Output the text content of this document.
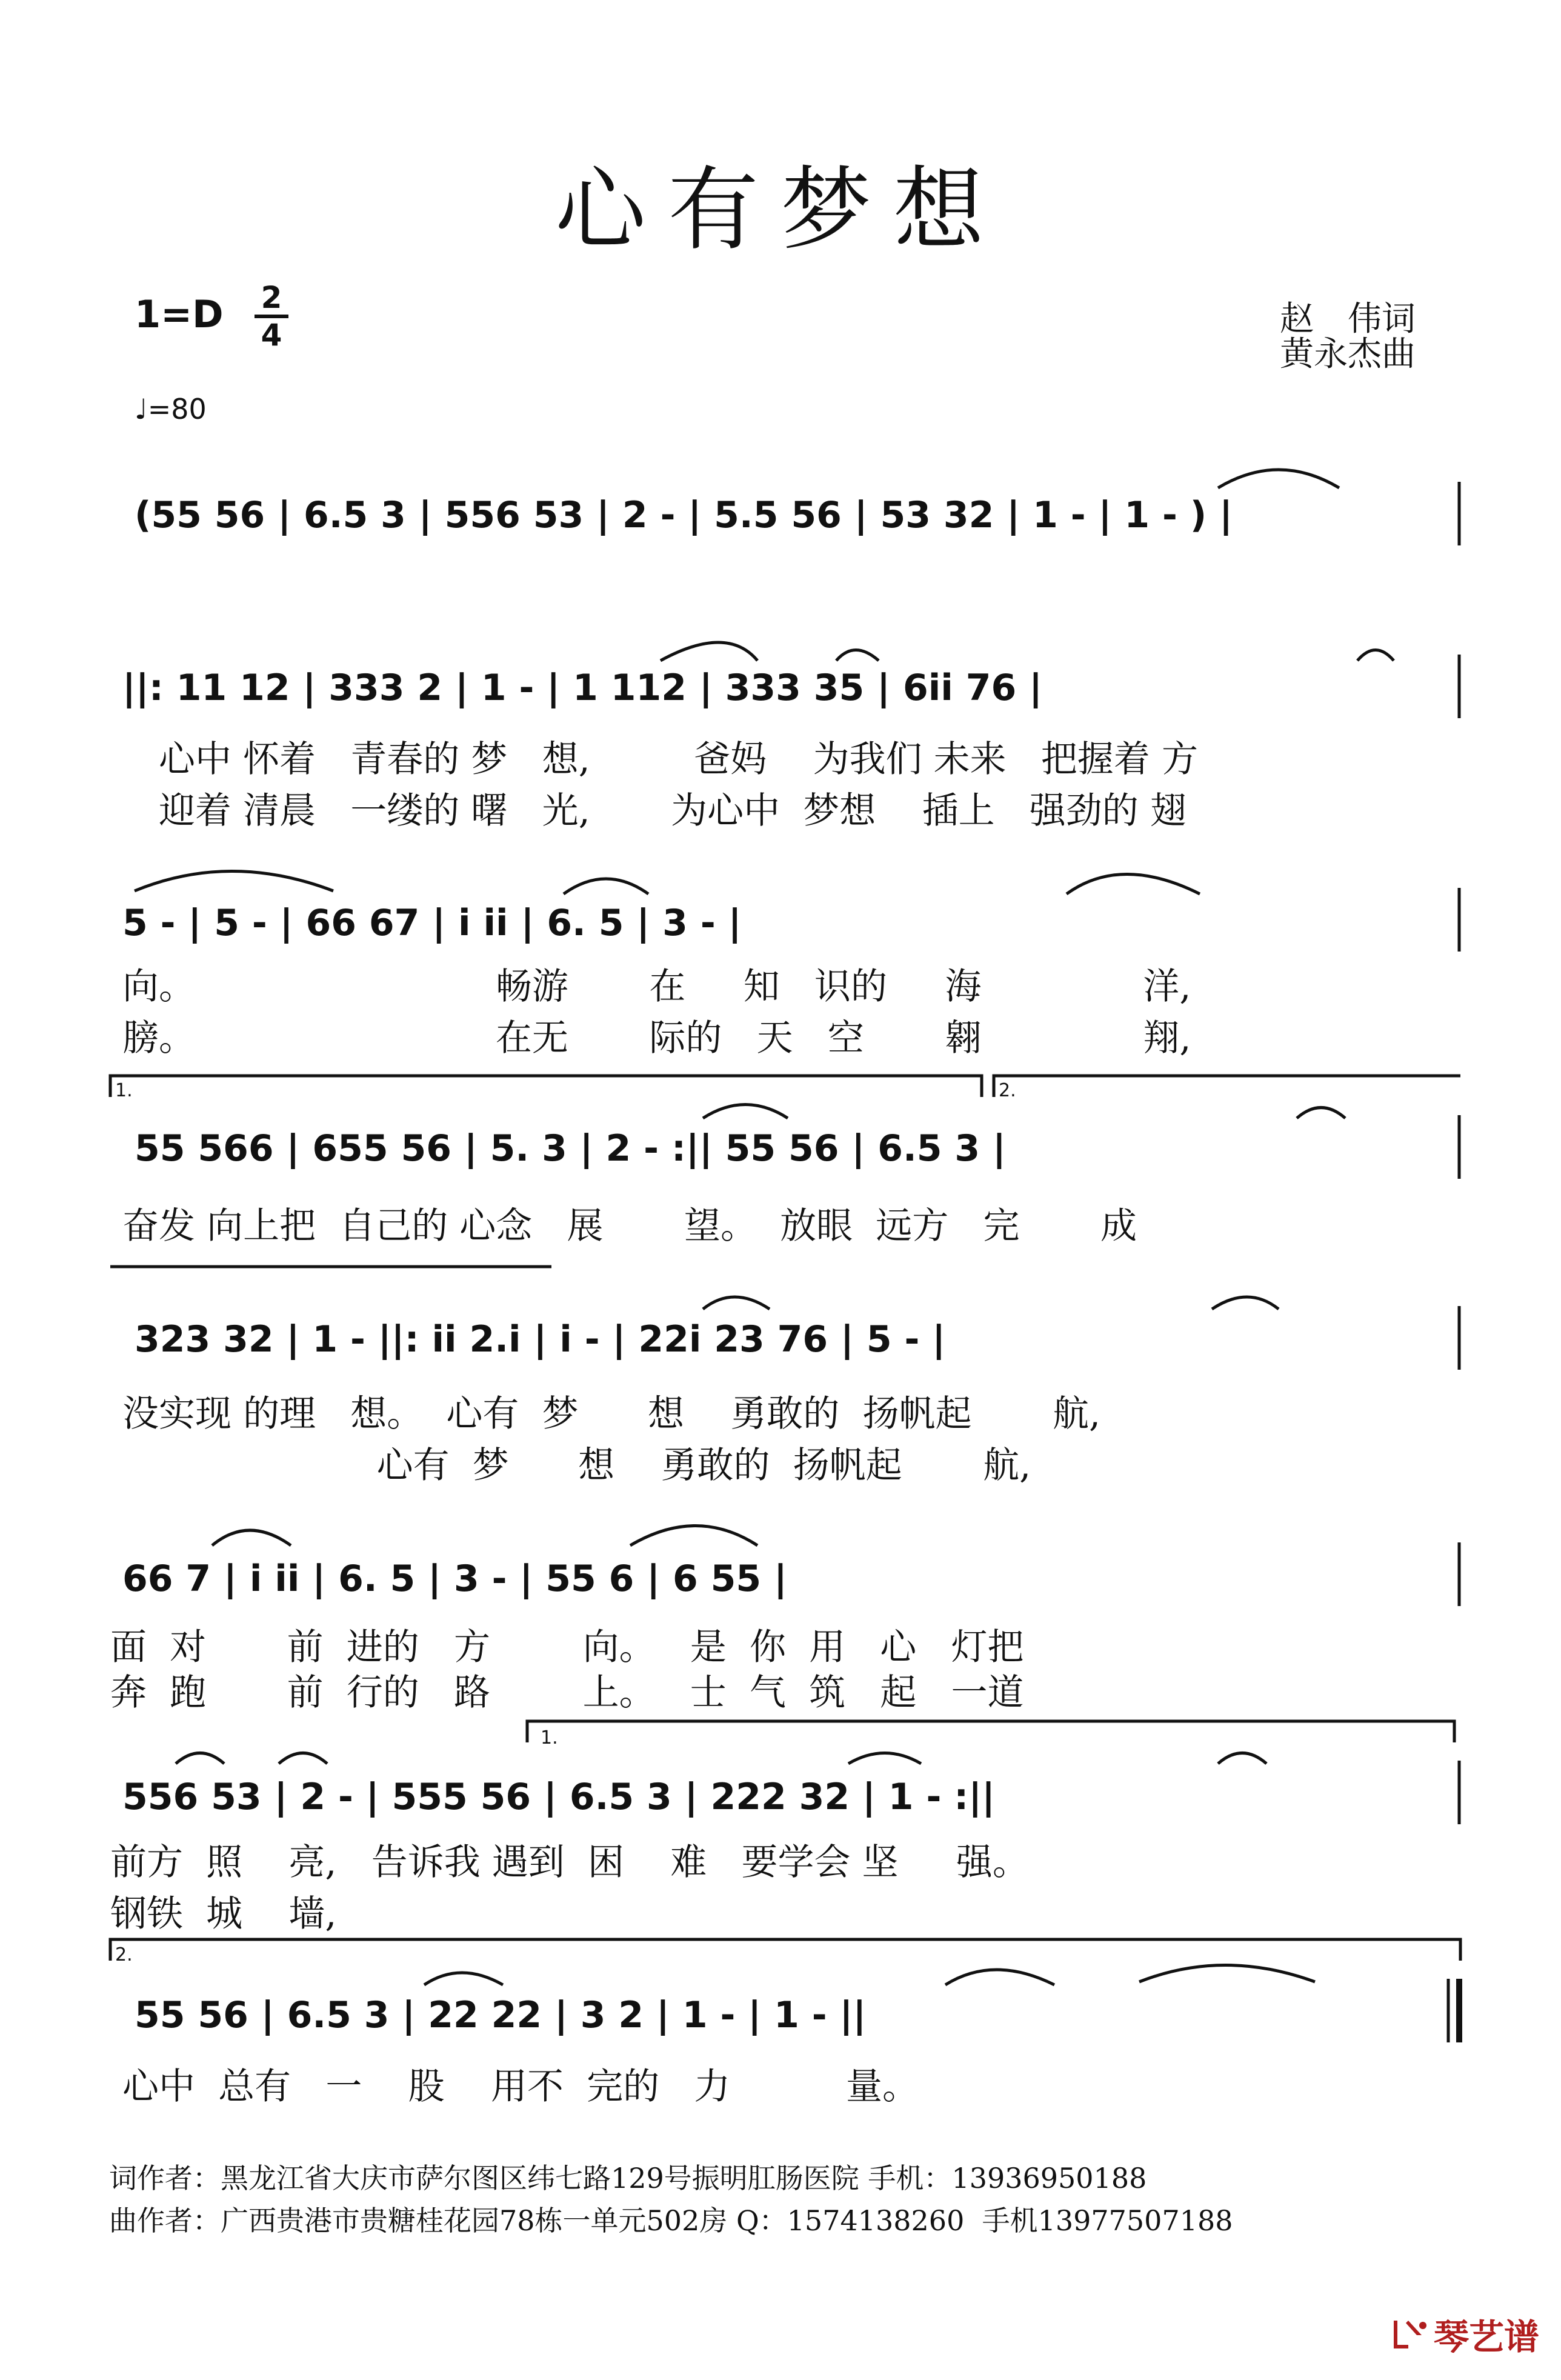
心有梦想
1=D 2
4
♩=80
赵　伟词
黄永杰曲
(55 56 | 6.5 3 | 556 53 | 2 - | 5.5 56 | 53 32 | 1 - | 1 - ) |
||: 11 12 | 333 2 | 1 - | 1 112 | 333 35 | 6ii 76 |
心中 怀着   青春的 梦   想,         爸妈    为我们 未来   把握着 方
迎着 清晨   一缕的 曙   光,       为心中  梦想    插上   强劲的 翅
5 - | 5 - | 66 67 | i ii | 6. 5 | 3 - |
向。                          畅游       在     知   识的     海              洋,
膀。                          在无       际的   天   空       翱              翔,
1.	2.
55 566 | 655 56 | 5. 3 | 2 - :|| 55 56 | 6.5 3 |
奋发 向上把  自己的 心念   展       望。  放眼  远方   完       成
323 32 | 1 - ||: ii 2.i | i - | 22i 23 76 | 5 - |
没实现 的理   想。  心有  梦      想    勇敢的  扬帆起       航,
心有  梦      想    勇敢的  扬帆起       航,
66 7 | i ii | 6. 5 | 3 - | 55 6 | 6 55 |
面  对       前  进的   方        向。   是  你  用   心   灯把
奔  跑       前  行的   路        上。   士  气  筑   起   一道
1.
556 53 | 2 - | 555 56 | 6.5 3 | 222 32 | 1 - :||
前方  照    亮,   告诉我 遇到  困    难   要学会 坚     强。
钢铁  城    墙,
2.
55 56 | 6.5 3 | 22 22 | 3 2 | 1 - | 1 - ||
心中  总有   一    股    用不  完的   力          量。
词作者：黑龙江省大庆市萨尔图区纬七路129号振明肛肠医院 手机：13936950188
曲作者：广西贵港市贵糖桂花园78栋一单元502房 Q：1574138260  手机13977507188
琴艺谱
